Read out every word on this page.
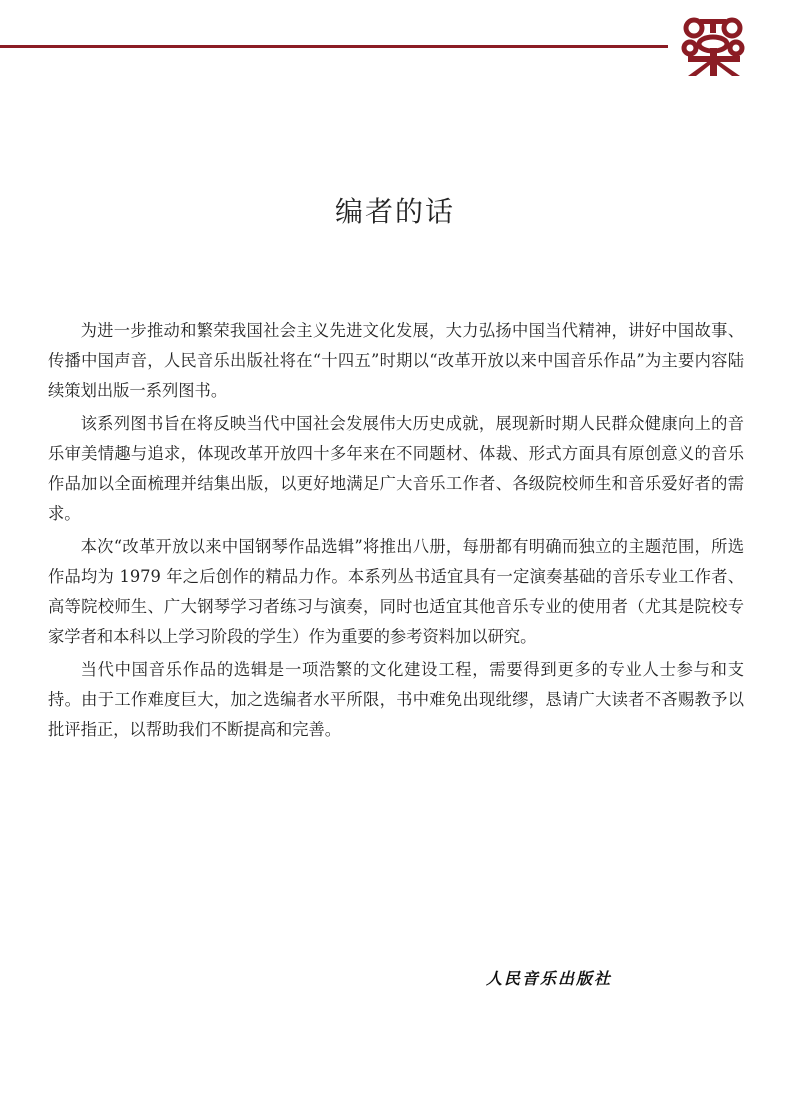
编者的话

为进一步推动和繁荣我国社会主义先进文化发展，大力弘扬中国当代精神，讲好中国故事、传播中国声音，人民音乐出版社将在“十四五”时期以“改革开放以来中国音乐作品”为主要内容陆续策划出版一系列图书。

该系列图书旨在将反映当代中国社会发展伟大历史成就，展现新时期人民群众健康向上的音乐审美情趣与追求，体现改革开放四十多年来在不同题材、体裁、形式方面具有原创意义的音乐作品加以全面梳理并结集出版，以更好地满足广大音乐工作者、各级院校师生和音乐爱好者的需求。

本次“改革开放以来中国钢琴作品选辑”将推出八册，每册都有明确而独立的主题范围，所选作品均为 1979 年之后创作的精品力作。本系列丛书适宜具有一定演奏基础的音乐专业工作者、高等院校师生、广大钢琴学习者练习与演奏，同时也适宜其他音乐专业的使用者（尤其是院校专家学者和本科以上学习阶段的学生）作为重要的参考资料加以研究。

当代中国音乐作品的选辑是一项浩繁的文化建设工程，需要得到更多的专业人士参与和支持。由于工作难度巨大，加之选编者水平所限，书中难免出现纰缪，恳请广大读者不吝赐教予以批评指正，以帮助我们不断提高和完善。

人民音乐出版社
